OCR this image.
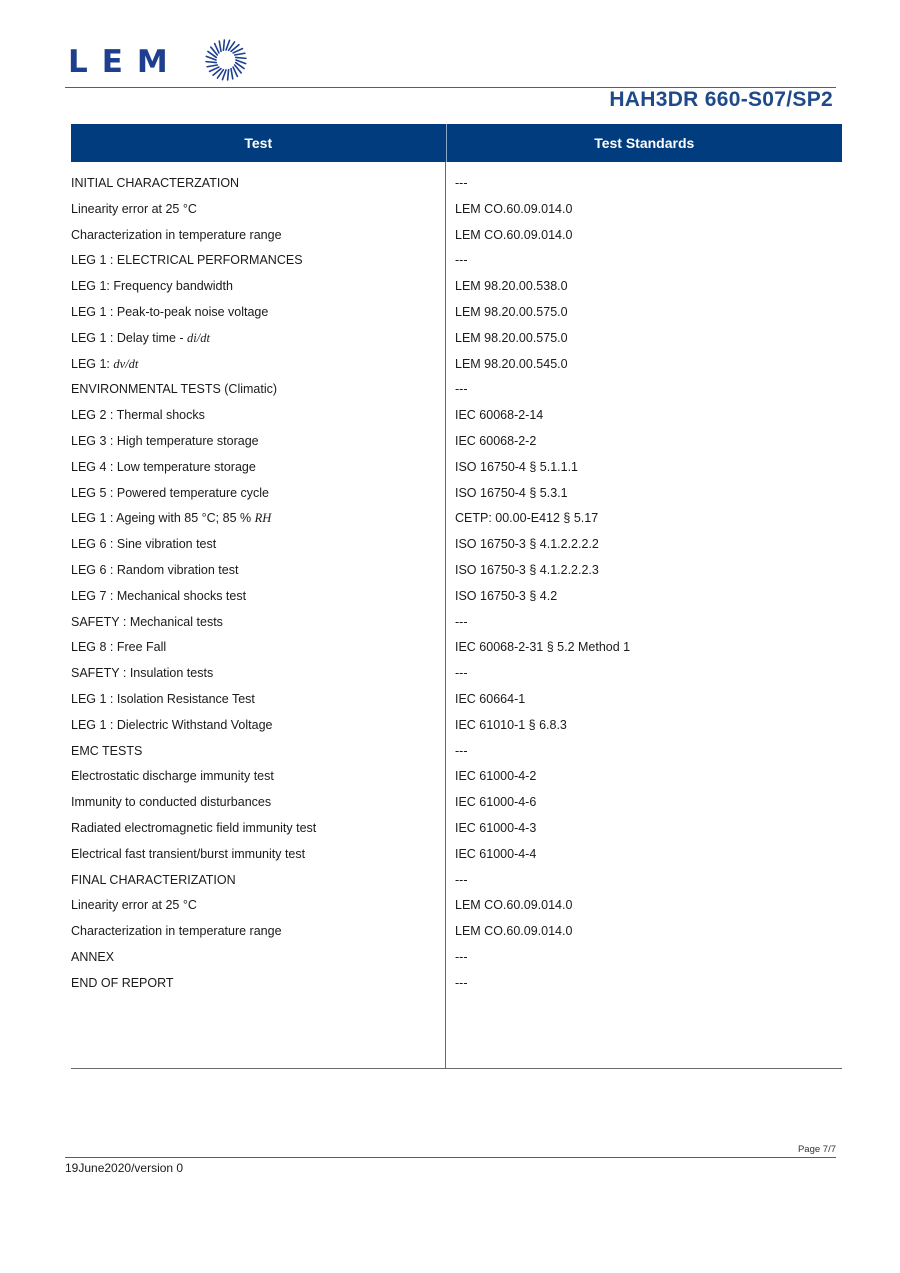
LEM
HAH3DR 660-S07/SP2
Test	Test Standards
INITIAL CHARACTERZATION	---
Linearity error at 25 °C	LEM CO.60.09.014.0
Characterization in temperature range	LEM CO.60.09.014.0
LEG 1 : ELECTRICAL PERFORMANCES	---
LEG 1: Frequency bandwidth	LEM 98.20.00.538.0
LEG 1 : Peak-to-peak noise voltage	LEM 98.20.00.575.0
LEG 1 : Delay time - di/dt	LEM 98.20.00.575.0
LEG 1: dv/dt	LEM 98.20.00.545.0
ENVIRONMENTAL TESTS (Climatic)	---
LEG 2 : Thermal shocks	IEC 60068-2-14
LEG 3 : High temperature storage	IEC 60068-2-2
LEG 4 : Low temperature storage	ISO 16750-4 § 5.1.1.1
LEG 5 : Powered temperature cycle	ISO 16750-4 § 5.3.1
LEG 1 : Ageing with 85 °C; 85 % RH	CETP: 00.00-E412 § 5.17
LEG 6 : Sine vibration test	ISO 16750-3 § 4.1.2.2.2.2
LEG 6 : Random vibration test	ISO 16750-3 § 4.1.2.2.2.3
LEG 7 : Mechanical shocks test	ISO 16750-3 § 4.2
SAFETY : Mechanical tests	---
LEG 8 : Free Fall	IEC 60068-2-31 § 5.2 Method 1
SAFETY : Insulation tests	---
LEG 1 : Isolation Resistance Test	IEC 60664-1
LEG 1 : Dielectric Withstand Voltage	IEC 61010-1 § 6.8.3
EMC TESTS	---
Electrostatic discharge immunity test	IEC 61000-4-2
Immunity to conducted disturbances	IEC 61000-4-6
Radiated electromagnetic field immunity test	IEC 61000-4-3
Electrical fast transient/burst immunity test	IEC 61000-4-4
FINAL CHARACTERIZATION	---
Linearity error at 25 °C	LEM CO.60.09.014.0
Characterization in temperature range	LEM CO.60.09.014.0
ANNEX	---
END OF REPORT	---
Page 7/7
19June2020/version 0
